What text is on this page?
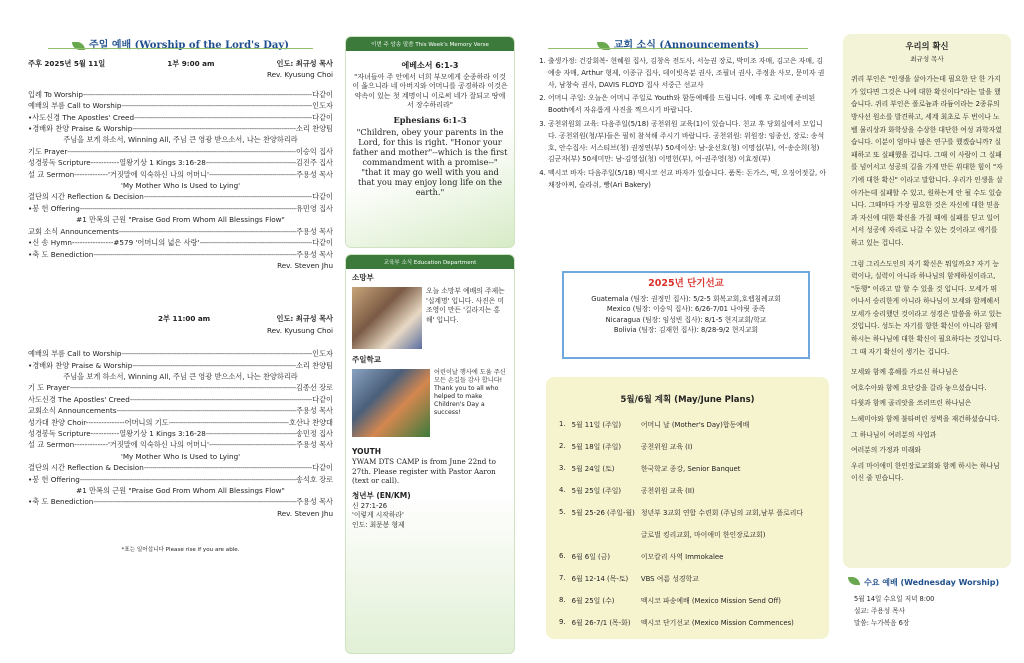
주일 예배 (Worship of the Lord's Day)
주후 2025년 5월 11일	1부 9:00 am	인도: 최규성 목사
Rev. Kyusung Choi
입례 To Worship -----	다같이
예배의 부름 Call to Worship -----	인도자
•사도신경 The Apostles' Creed -----	다같이
•경배와 찬양 Praise & Worship -----	소리 찬양팀
주님을 보게 하소서, Winning All, 주님 큰 영광 받으소서, 나는 찬양하리라
기도 Prayer -----	이승익 집사
성경봉독 Scripture-----------열왕기상 1 Kings 3:16-28 -----	김진주 집사
설 교 Sermon-------------'거짓말에 익숙하신 나의 어머니' -----	주용성 목사
'My Mother Who Is Used to Lying'
결단의 시간 Reflection & Decision -----	다같이
•봉 헌 Offering -----	유민영 집사
#1 만복의 근원 "Praise God From Whom All Blessings Flow"
교회 소식 Announcements -----	주용성 목사
•신 송 Hymn----------------#579 '어머니의 넓은 사랑' -----	다같이
•축 도 Benediction -----	주용성 목사
Rev. Steven Jhu
2부 11:00 am	인도: 최규성 목사
Rev. Kyusung Choi
예배의 부름 Call to Worship -----	인도자
•경배와 찬양 Praise & Worship -----	소리 찬양팀
주님을 보게 하소서, Winning All, 주님 큰 영광 받으소서, 나는 찬양하리라
기 도 Prayer -----	김종선 장로
사도신경 The Apostles' Creed -----	다같이
교회소식 Announcements -----	주용성 목사
성가대 찬양 Choir---------------어머니의 기도 -----	호산나 찬양대
성경봉독 Scripture-----------열왕기상 1 Kings 3:16-28 -----	송민정 집사
설 교 Sermon-------------'거짓말에 익숙하신 나의 어머니' -----	주용성 목사
'My Mother Who Is Used to Lying'
결단의 시간 Reflection & Decision -----	다같이
•봉 헌 Offering -----	송석호 장로
#1 만복의 근원 "Praise God From Whom All Blessings Flow"
•축 도 Benediction -----	주용성 목사
Rev. Steven Jhu
*표는 일어섭니다 Please rise if you are able.
이번 주 암송 말씀 This Week's Memory Verse
에베소서 6:1-3
"자녀들아 주 안에서 너희 부모에게 순종하라 이것이 옳으니라 네 아버지와 어머니를 공경하라 이것은 약속이 있는 첫 계명이니 이로써 네가 잘되고 땅에서 장수하리라"
Ephesians 6:1-3
"Children, obey your parents in the Lord, for this is right. "Honor your father and mother"--which is the first commandment with a promise--" "that it may go well with you and that you may enjoy long life on the earth."
교육부 소식 Education Department
소망부
오늘 소망부 예배의 주제는 '십계명' 입니다. 사진은 미조영이 만든 '길라지는 홍해' 입니다.
주일학교
어린이날 행사에 도움 주신 모든 손길들 감사 합니다! Thank you to all who helped to make Children's Day a success!
YOUTH
YWAM DTS CAMP is from June 22nd to 27th. Please register with Pastor Aaron (text or call).
청년부 (EN/KM)
신 27:1-26
'이렇게 시작하라'
인도: 최문봉 형제
교회 소식 (Announcements)
1. 출생가정: 건강회복- 현혜원 집사, 김창옥 전도사, 서능권 장로, 박미조 자매, 김고은 자매, 김예송 자매, Arthur 형제, 이종규 집사, 데이빗옥분 권사, 조필녀 권사, 주정윤 사모, 문미자 권사, 남창숙 권사, DAVIS FLOYD 집사 서중근 선교사
2. 어머니 주일: 오늘은 어머니 주일로 Youth와 함동예배를 드립니다. 예배 후 로비에 준비된 Booth에서 자유롭게 사진을 찍으시기 바랍니다.
3. 공천위원회 교육: 다음주일(5/18) 공천위원 교육(1)이 있습니다. 친교 후 당회실에서 모입니다. 공천위원(청/부)들은 필히 참석해 주시기 바랍니다. 공천위원: 위원장: 임종선, 장로: 송석호, 안수집사: 서스티브(청) 권정연(부) 50세이상: 남-윤선호(청) 이명섭(부), 여-송순희(청) 김군자(부) 50세미만: 남-김영섭(청) 이명헌(부), 여-권주영(청) 이효정(부)
4. 멕시코 바자: 다음주일(5/18) 멕시코 선교 바자가 있습니다. 품목: 돈가스, 떡, 오징어젓갈, 아채장아찌, 슬라쉬, 빵(Ari Bakery)
2025년 단기선교
Guatemala (팀장: 권정민 집사): 5/2-5 회복교회,호렙침례교회
Mexico (팀장: 이승익 집사): 6/26-7/01 나야릿 종족
Nicaragua (팀장: 임성빈 집사): 8/1-5 현지교회/학교
Bolivia (팀장: 김재헌 집사): 8/28-9/2 현지교회
5월/6월 계획 (May/June Plans)
1.	5월 11일 (주일)	어머니 날 (Mother's Day)합동예배
2.	5월 18일 (주일)	공천위원 교육 (I)
3.	5월 24일 (토)	한국학교 종강, Senior Banquet
4.	5월 25일 (주일)	공천위원 교육 (II)
5.	5월 25-26 (주일-월)	청년부 3교회 연합 수련회 (주님의 교회,남부 플로리다
		글로벌 킹리교회, 마이애미 한인장로교회)
6.	6월 6일 (금)	이모칼리 사역 Immokalee
7.	6월 12-14 (목-토)	VBS 여름 성경학교
8.	6월 25일 (수)	멕시코 파송예배 (Mexico Mission Send Off)
9.	6월 26-7/1 (목-화)	멕시코 단기선교 (Mexico Mission Commences)
우리의 확신
최규성 목사

퀴리 부인은 "인생을 살아가는데 필요한 단 한 가지가 있다면 그것은 나에 대한 확신이다"라는 말을 했습니다. 퀴리 부인은 폴로늄과 라듐이라는 2종류의 방사선 원소를 발견하고, 세계 최초로 두 번이나 노벨 물리상과 화학상을 수상한 대단한 여성 과학자였습니다. 이분이 엄마나 많은 연구를 했겠습니까? 실패하고 또 실패했을 겁니다. 그때 이 사람이 그 실패를 넘어서고 성공의 길을 가게 만든 위대한 힘이 "자기에 대한 확신" 이라고 말합니다. 우리가 인생을 살아가는데 실패할 수 있고, 원하는게 안 될 수도 있습니다. 그때마다 가장 필요한 것은 자신에 대한 믿음과 자신에 대한 확신을 가질 때에 실패를 딛고 일어서서 성공에 자리로 나갈 수 있는 것이라고 얘기를 하고 있는 겁니다.

그럼 그리스도인의 자기 확신은 뭐일까요? 자기 능력이나, 실력이 아니라 하나님의 함께하심이라고, "동행" 이라고 말 할 수 있을 것 입니다. 모세가 뛰어나서 승리한게 아니라 하나님이 모세와 함께해서 모세가 승리했던 것이라고 성경은 말씀을 하고 있는 것입니다. 성도는 자기를 향한 확신이 아니라 함께하시는 하나님에 대한 확신이 필요하다는 것입니다. 그 때 자기 확신이 생기는 겁니다.

모세와 함께 홍해를 가르신 하나님은

여호수아와 함께 요단강을 갈라 놓으셨습니다.

다윗과 함께 골리앗을 쓰러뜨린 하나님은

느헤미야와 함께 불타버린 성벽을 재건하셨습니다.

그 하나님이 여러분의 사업과

여러분의 가정과 미래와

우리 마이애미 한인장로교회와 함께 하시는 하나님이신 줄 믿습니다.

수요 예배 (Wednesday Worship)
5월 14일 수요일 저녁 8:00
설교: 주용성 목사
말씀: 누가복음 6장
